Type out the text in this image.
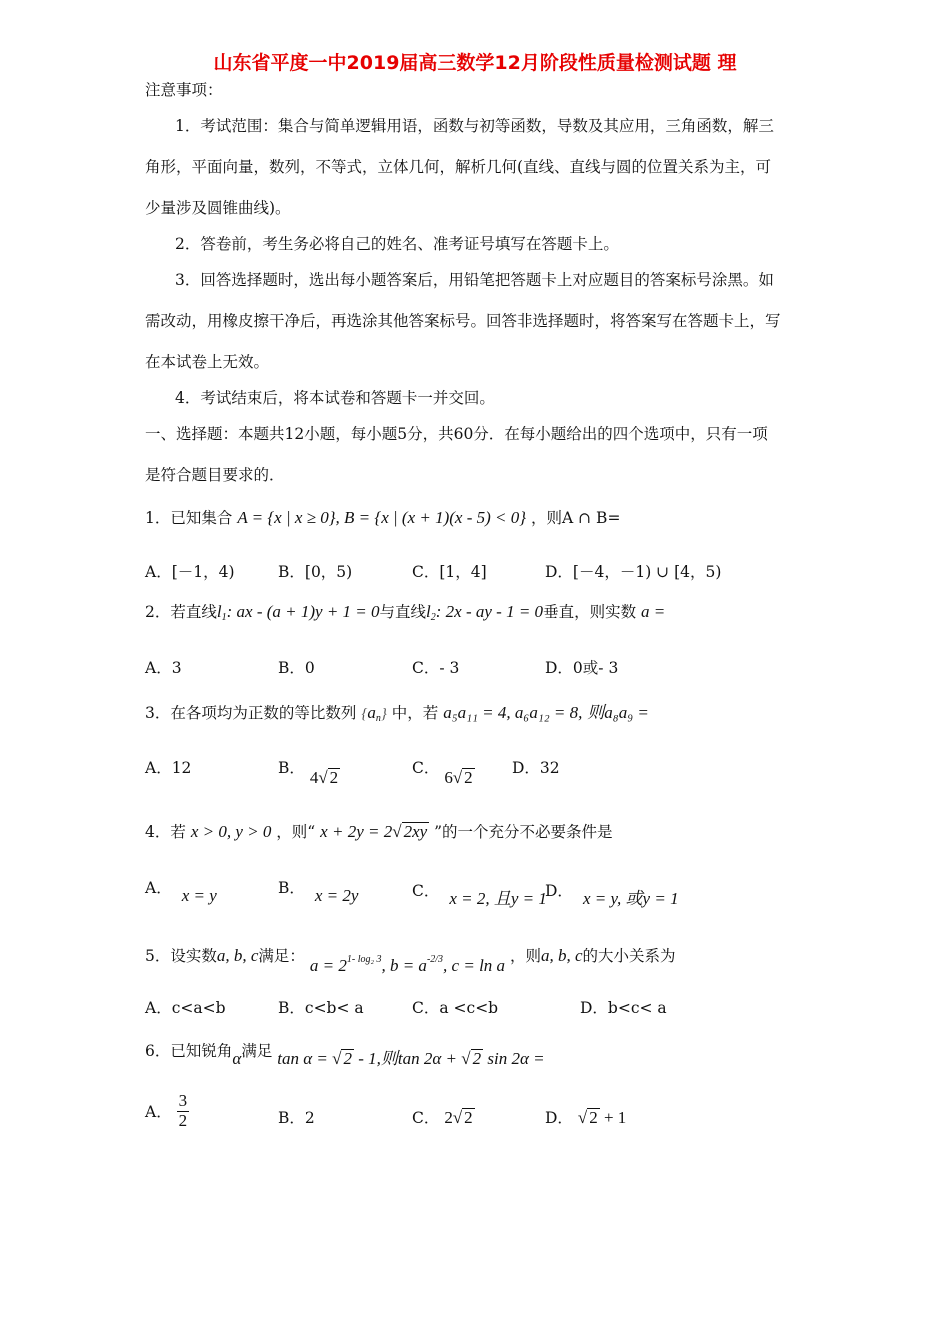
山东省平度一中2019届高三数学12月阶段性质量检测试题 理
注意事项：
1．考试范围：集合与简单逻辑用语，函数与初等函数，导数及其应用，三角函数，解三
角形，平面向量，数列，不等式，立体几何，解析几何(直线、直线与圆的位置关系为主，可
少量涉及圆锥曲线)。
2．答卷前，考生务必将自己的姓名、准考证号填写在答题卡上。
3．回答选择题时，选出每小题答案后，用铅笔把答题卡上对应题目的答案标号涂黑。如
需改动，用橡皮擦干净后，再选涂其他答案标号。回答非选择题时，将答案写在答题卡上，写
在本试卷上无效。
4．考试结束后，将本试卷和答题卡一并交回。
一、选择题：本题共12小题，每小题5分，共60分．在每小题给出的四个选项中，只有一项
是符合题目要求的．
1．已知集合 A = {x | x ≥ 0}, B = {x | (x + 1)(x - 5) < 0} ，则A ∩ B=
A．[－1，4)	B．[0，5)	C．[1，4]	D．[－4，－1) ∪ [4，5)
2．若直线$l_1$: ax - (a + 1)y + 1 = 0与直线$l_2$: 2x - ay - 1 = 0垂直，则实数 a =
A．3	B．0	C．- 3	D．0或- 3
3．在各项均为正数的等比数列 $\{a_n\}$ 中，若 a₅a₁₁ = 4, a₆a₁₂ = 8, 则a₈a₉ =
A．12	B． 4√ 2	C． 6√ 2	D．32
4．若 x > 0, y > 0 ，则“ x + 2y = 2√ 2xy ”的一个充分不必要条件是
A． x = y	B． x = 2y	C． x = 2, 且y = 1
D． x = y, 或y = 1
5．设实数a, b, c满足： $a = 2^{1- log_2 3}$, $b = a^{-2/3}$, c = ln a ，则a, b, c的大小关系为
A．c<a<b	B．c<b< a	C．a <c<b	D．b<c< a
6．已知锐角α满足 tan α = √ 2 - 1,则tan 2α + √ 2 sin 2α =
A． $\frac{3}{2}$	B．2	C． 2√ 2	D． √ 2 + 1
